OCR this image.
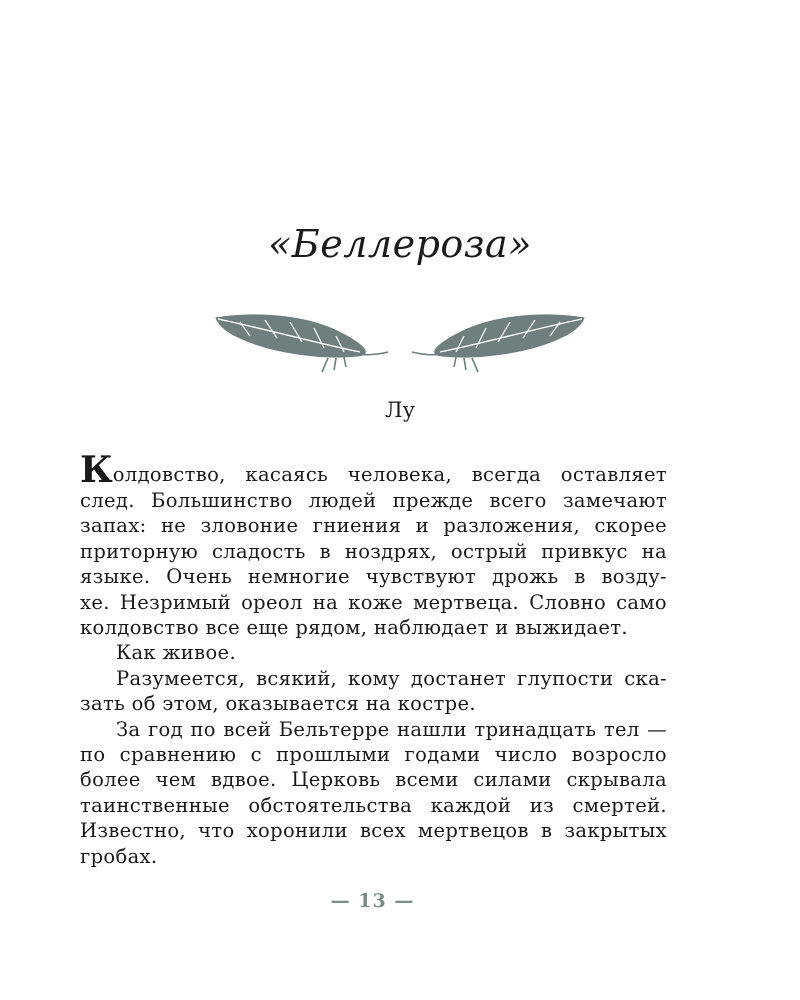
«Беллероза»
Лу

Колдовство, касаясь человека, всегда оставляет
след. Большинство людей прежде всего замечают
запах: не зловоние гниения и разложения, скорее
приторную сладость в ноздрях, острый привкус на
языке. Очень немногие чувствуют дрожь в возду-
хе. Незримый ореол на коже мертвеца. Словно само
колдовство все еще рядом, наблюдает и выжидает.

Как живое.

Разумеется, всякий, кому достанет глупости ска-
зать об этом, оказывается на костре.

За год по всей Бельтерре нашли тринадцать тел —
по сравнению с прошлыми годами число возросло
более чем вдвое. Церковь всеми силами скрывала
таинственные обстоятельства каждой из смертей.
Известно, что хоронили всех мертвецов в закрытых
гробах.

— 13 —
